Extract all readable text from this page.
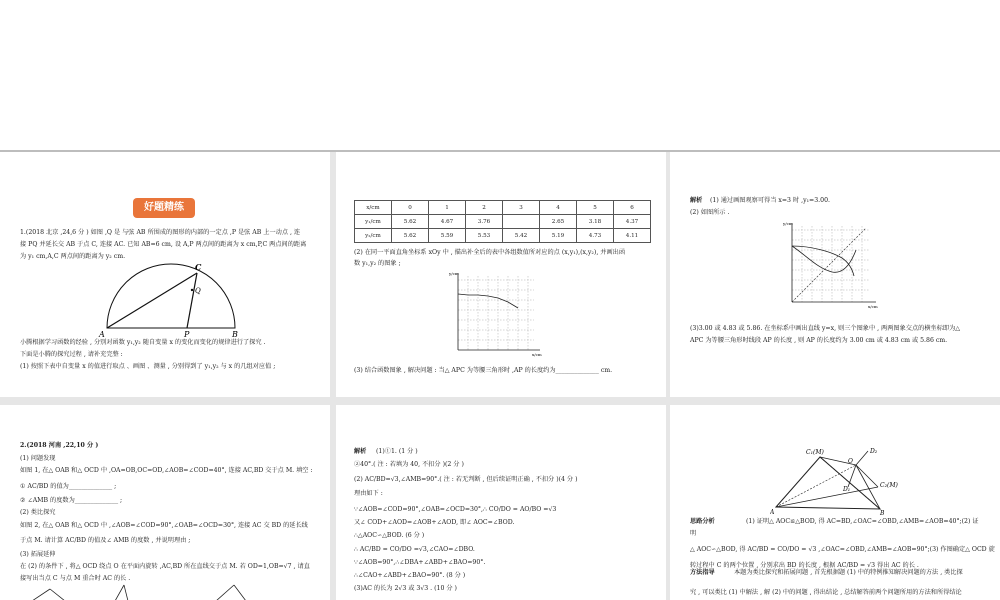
好题精练
1.(2018 北京 ,24,6 分 ) 如图 ,Q 是 与弦 AB 所围成的图形的内部的一定点 ,P 是弦 AB 上一动点 , 连
接 PQ 并延长交 AB 于点 C, 连接 AC. 已知 AB=6 cm, 设 A,P 两点间的距离为 x cm,P,C 两点间的距离
为 y₁ cm,A,C 两点间的距离为 y₂ cm.
C
Q
A	P	B
小腾根据学习函数的经验 , 分别对函数 y₁,y₂ 随自变量 x 的变化而变化的规律进行了探究 .
下面是小腾的探究过程 , 请补充完整 :
(1) 按照下表中自变量 x 的值进行取点 、画图 、测量 , 分别得到了 y₁,y₂ 与 x 的几组对应值 ;
x/cm	0	1	2	3	4	5	6
y₁/cm	5.62	4.67	3.76		2.65	3.18	4.37
y₂/cm	5.62	5.59	5.53	5.42	5.19	4.73	4.11
(2) 在同一平面直角坐标系 xOy 中 , 描出补全后的表中各组数值所对应的点 (x,y₁),(x,y₂), 并画出函
数 y₁,y₂ 的图象 ;
y/cm
x/cm
(3) 结合函数图象 , 解决问题 : 当△ APC 为等腰三角形时 ,AP 的长度约为______________ cm.
解析 (1) 通过画图观察可得当 x=3 时 ,y₁=3.00.
(2) 如图所示 .
y/cm
x/cm
(3)3.00 或 4.83 或 5.86. 在坐标系中画出直线 y=x, 则三个图象中 , 两两图象交点的横坐标即为△
APC 为等腰三角形时线段 AP 的长度 , 则 AP 的长度约为 3.00 cm 或 4.83 cm 或 5.86 cm.
2.(2018 河南 ,22,10 分 )
(1) 问题发现
如图 1, 在△ OAB 和△ OCD 中 ,OA=OB,OC=OD,∠AOB=∠COD=40°, 连接 AC,BD 交于点 M. 填空 :
① AC/BD 的值为______________ ;
② ∠AMB 的度数为______________ ;
(2) 类比探究
如图 2, 在△ OAB 和△ OCD 中 ,∠AOB=∠COD=90°,∠OAB=∠OCD=30°, 连接 AC 交 BD 的延长线
于点 M. 请计算 AC/BD 的值及∠ AMB 的度数 , 并说明理由 ;
(3) 拓展延伸
在 (2) 的条件下 , 将△ OCD 绕点 O 在平面内旋转 ,AC,BD 所在直线交于点 M. 若 OD=1,OB=√7 , 请直
接写出当点 C 与点 M 重合时 AC 的长 .
解析 (1)①1. (1 分 )
②40°.( 注 : 若填为 40, 不扣分 )(2 分 )
(2) AC/BD=√3,∠AMB=90°.( 注 : 若无判断 , 但后续证明正确 , 不扣分 )(4 分 )
理由如下 :
∵∠AOB=∠COD=90°,∠OAB=∠OCD=30°,∴ CO/DO = AO/BO =√3
又∠ COD+∠AOD=∠AOB+∠AOD, 即∠ AOC=∠BOD.
∴△AOC∽△BOD. (6 分 )
∴ AC/BD = CO/DO =√3,∠CAO=∠DBO.
∵∠AOB=90°,∴∠DBA+∠ABD+∠BAO=90°.
∴∠CAO+∠ABD+∠BAO=90°. (8 分 )
(3)AC 的长为 2√3 或 3√3 . (10 分 )
C₁(M)	D₂
O
C₂(M)
D₁
A	B
思路分析	(1) 证明△ AOC≌△BOD, 得 AC=BD,∠OAC=∠OBD,∠AMB=∠AOB=40°;(2) 证
明
△ AOC∽△BOD, 得 AC/BD = CO/DO = √3 ,∠OAC=∠OBD,∠AMB=∠AOB=90°;(3) 作图确定△ OCD 旋
转过程中 C 的两个位置 , 分别求出 BD 的长度 , 根据 AC/BD = √3 得出 AC 的长 .
方法指导	本题为类比探究和拓展问题 , 首先根据题 (1) 中的特例推知解决问题的方法 , 类比探
究 , 可以类比 (1) 中解法 , 解 (2) 中的问题 , 得出结论 , 总结解答前两个问题所用的方法和所得结论
